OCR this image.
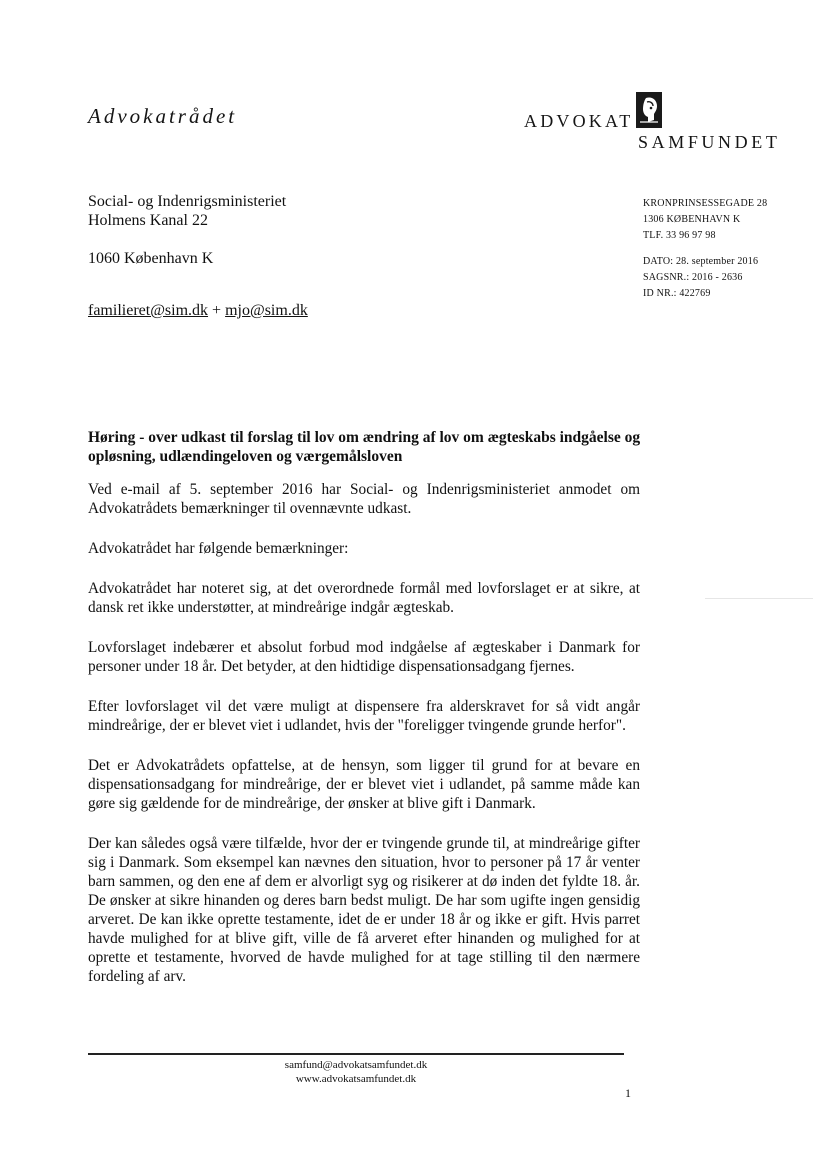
Advokatrådet	ADVOKAT
SAMFUNDET
Social- og Indenrigsministeriet
Holmens Kanal 22
1060 København K
familieret@sim.dk + mjo@sim.dk
KRONPRINSESSEGADE 28
1306 KØBENHAVN K
TLF. 33 96 97 98
DATO: 28. september 2016
SAGSNR.: 2016 - 2636
ID NR.: 422769
Høring - over udkast til forslag til lov om ændring af lov om ægteskabs indgåelse og opløsning, udlændingeloven og værgemålsloven

Ved e-mail af 5. september 2016 har Social- og Indenrigsministeriet anmodet om Advokatrådets bemærkninger til ovennævnte udkast.

Advokatrådet har følgende bemærkninger:

Advokatrådet har noteret sig, at det overordnede formål med lovforslaget er at sikre, at dansk ret ikke understøtter, at mindreårige indgår ægteskab.

Lovforslaget indebærer et absolut forbud mod indgåelse af ægteskaber i Danmark for personer under 18 år. Det betyder, at den hidtidige dispensationsadgang fjernes.

Efter lovforslaget vil det være muligt at dispensere fra alderskravet for så vidt angår mindreårige, der er blevet viet i udlandet, hvis der "foreligger tvingende grunde herfor".

Det er Advokatrådets opfattelse, at de hensyn, som ligger til grund for at bevare en dispensationsadgang for mindreårige, der er blevet viet i udlandet, på samme måde kan gøre sig gældende for de mindreårige, der ønsker at blive gift i Danmark.

Der kan således også være tilfælde, hvor der er tvingende grunde til, at mindreårige gifter sig i Danmark. Som eksempel kan nævnes den situation, hvor to personer på 17 år venter barn sammen, og den ene af dem er alvorligt syg og risikerer at dø inden det fyldte 18. år. De ønsker at sikre hinanden og deres barn bedst muligt. De har som ugifte ingen gensidig arveret. De kan ikke oprette testamente, idet de er under 18 år og ikke er gift. Hvis parret havde mulighed for at blive gift, ville de få arveret efter hinanden og mulighed for at oprette et testamente, hvorved de havde mulighed for at tage stilling til den nærmere fordeling af arv.

samfund@advokatsamfundet.dk
www.advokatsamfundet.dk
1
